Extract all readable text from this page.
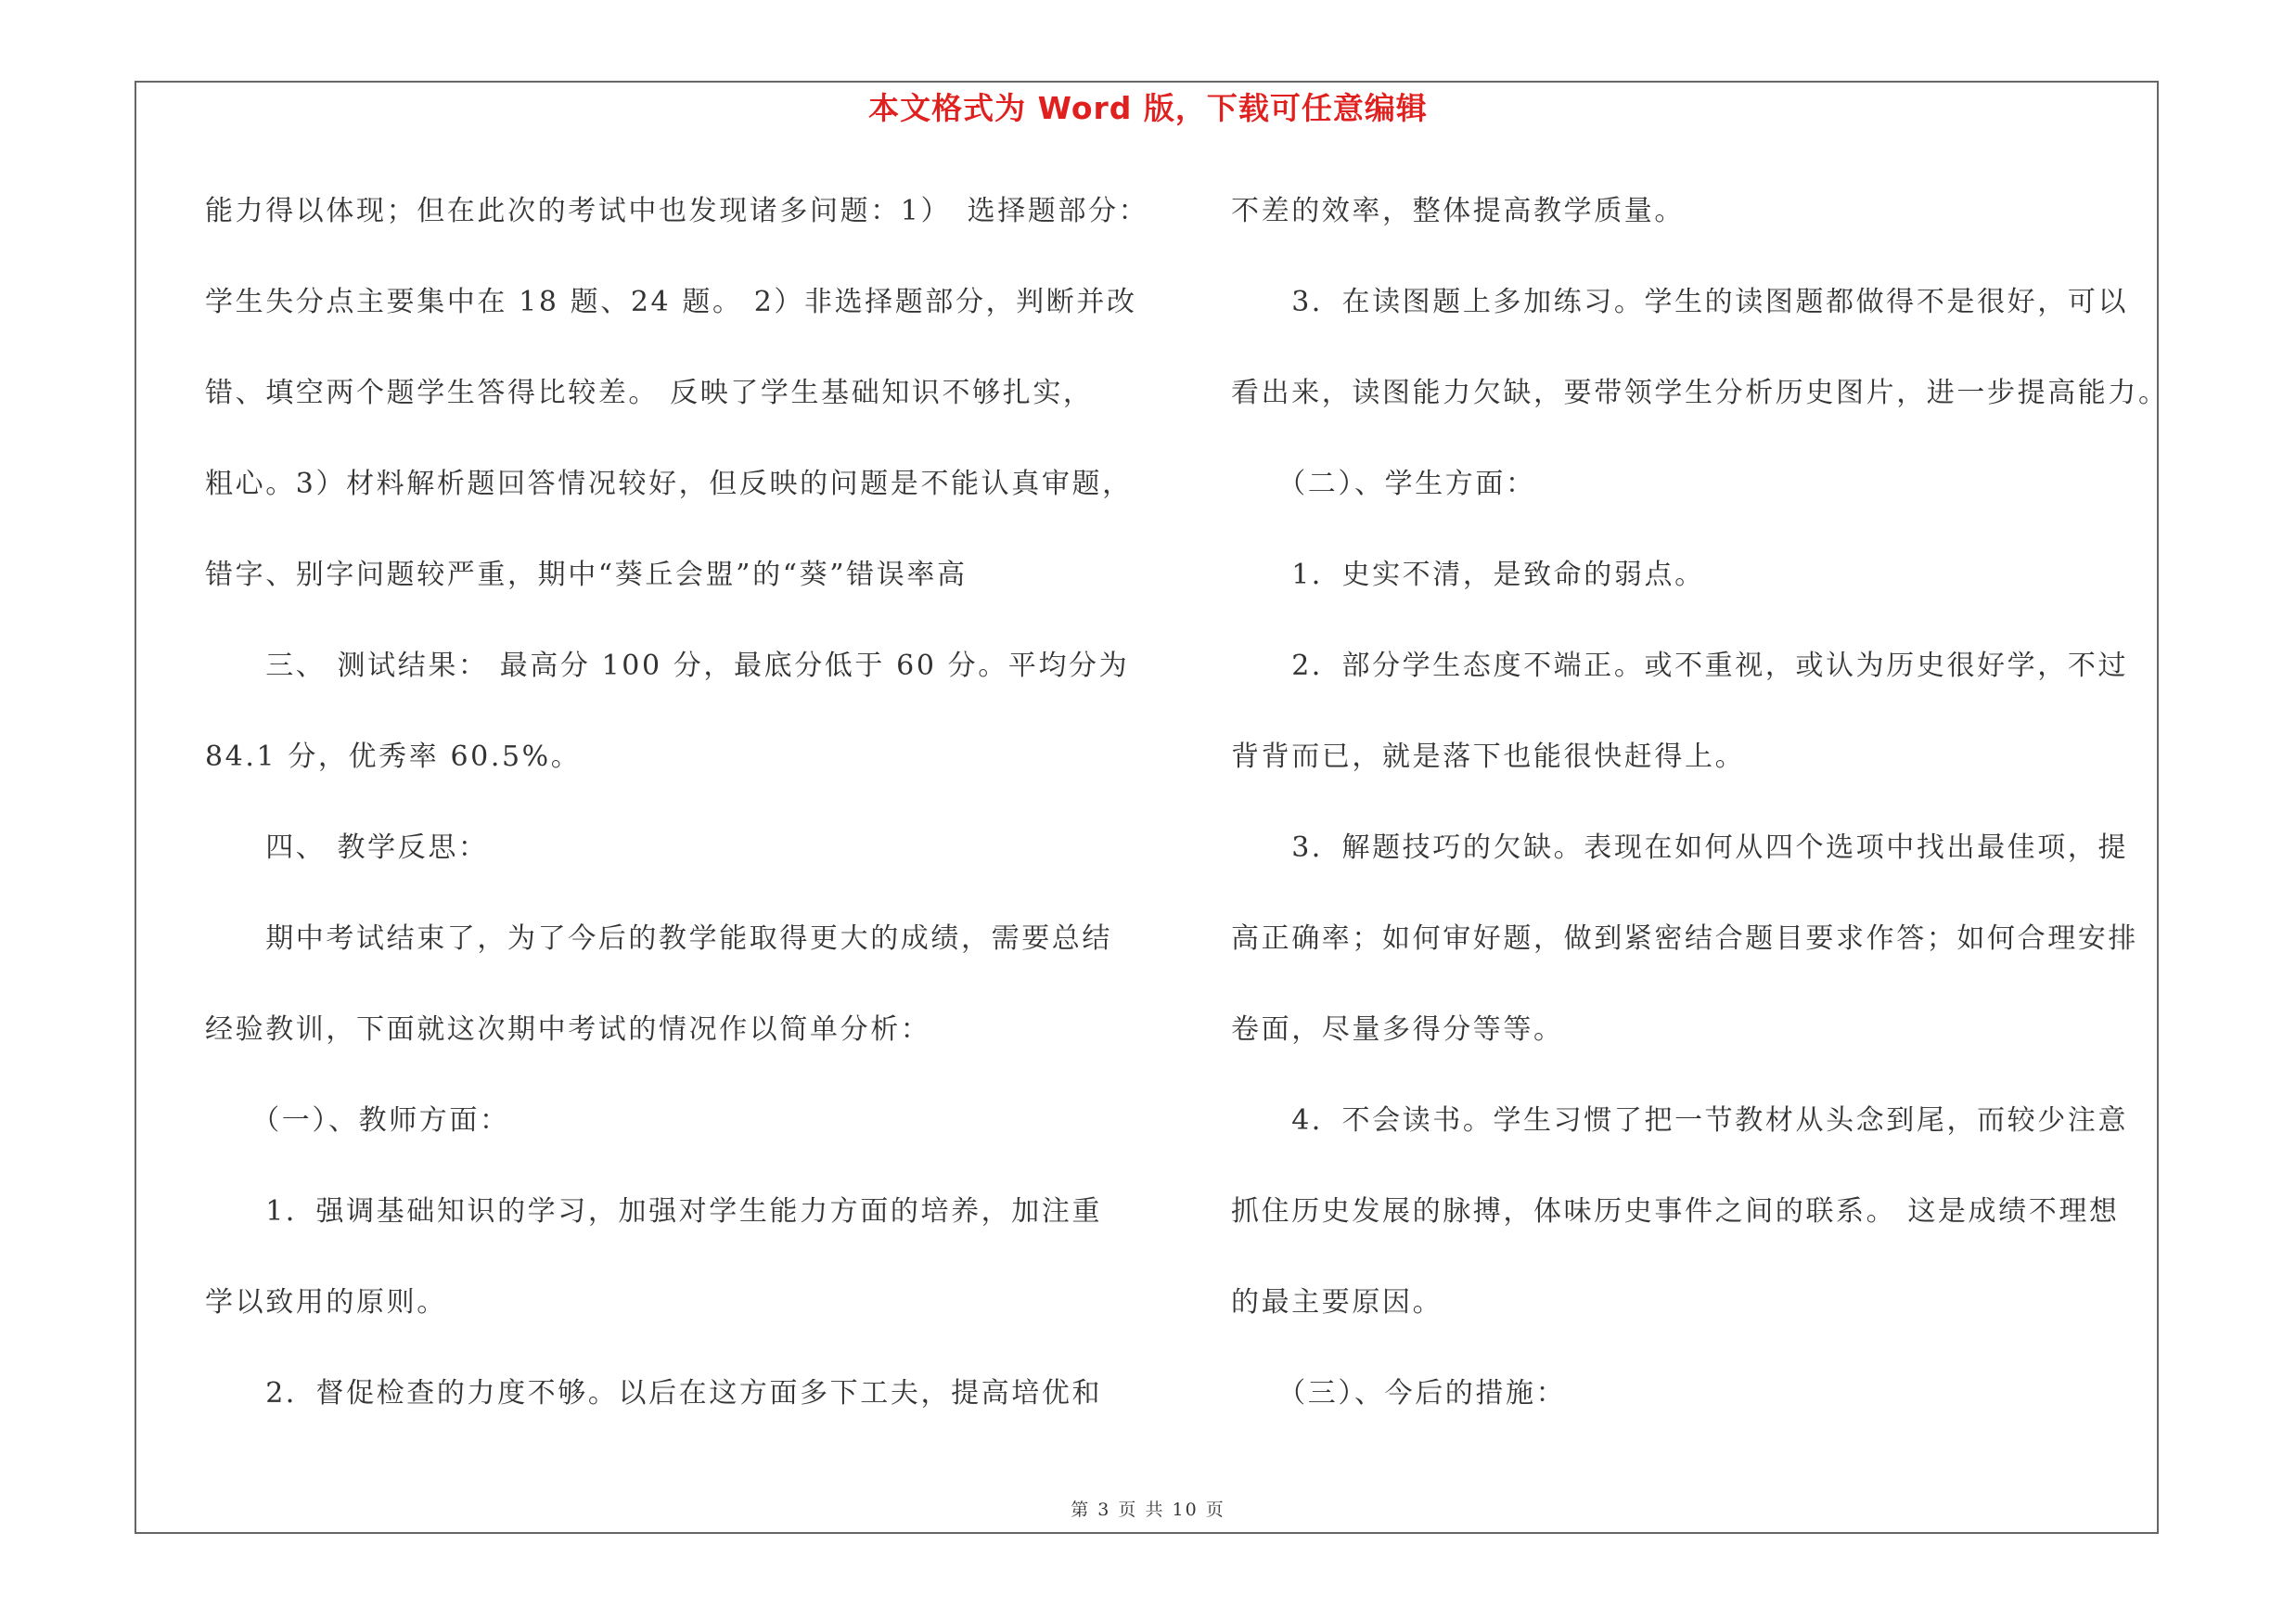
本文格式为 Word 版，下载可任意编辑
能力得以体现；但在此次的考试中也发现诸多问题：1）　选择题部分：
学生失分点主要集中在 18 题、24 题。 2）非选择题部分，判断并改
错、填空两个题学生答得比较差。 反映了学生基础知识不够扎实，
粗心。3）材料解析题回答情况较好，但反映的问题是不能认真审题，
错字、别字问题较严重，期中“葵丘会盟”的“葵”错误率高
　　三、 测试结果： 最高分 100 分，最底分低于 60 分。平均分为
84.1 分，优秀率 60.5%。
　　四、 教学反思：
　　期中考试结束了，为了今后的教学能取得更大的成绩，需要总结
经验教训，下面就这次期中考试的情况作以简单分析：
　　（一）、教师方面：
　　1．强调基础知识的学习，加强对学生能力方面的培养，加注重
学以致用的原则。
　　2．督促检查的力度不够。以后在这方面多下工夫，提高培优和
不差的效率，整体提高教学质量。
　　3．在读图题上多加练习。学生的读图题都做得不是很好，可以
看出来，读图能力欠缺，要带领学生分析历史图片，进一步提高能力。
　　（二）、学生方面：
　　1．史实不清，是致命的弱点。
　　2．部分学生态度不端正。或不重视，或认为历史很好学，不过
背背而已，就是落下也能很快赶得上。
　　3．解题技巧的欠缺。表现在如何从四个选项中找出最佳项，提
高正确率；如何审好题，做到紧密结合题目要求作答；如何合理安排
卷面，尽量多得分等等。
　　4．不会读书。学生习惯了把一节教材从头念到尾，而较少注意
抓住历史发展的脉搏，体味历史事件之间的联系。 这是成绩不理想
的最主要原因。
　　（三）、今后的措施：
第 3 页 共 10 页
